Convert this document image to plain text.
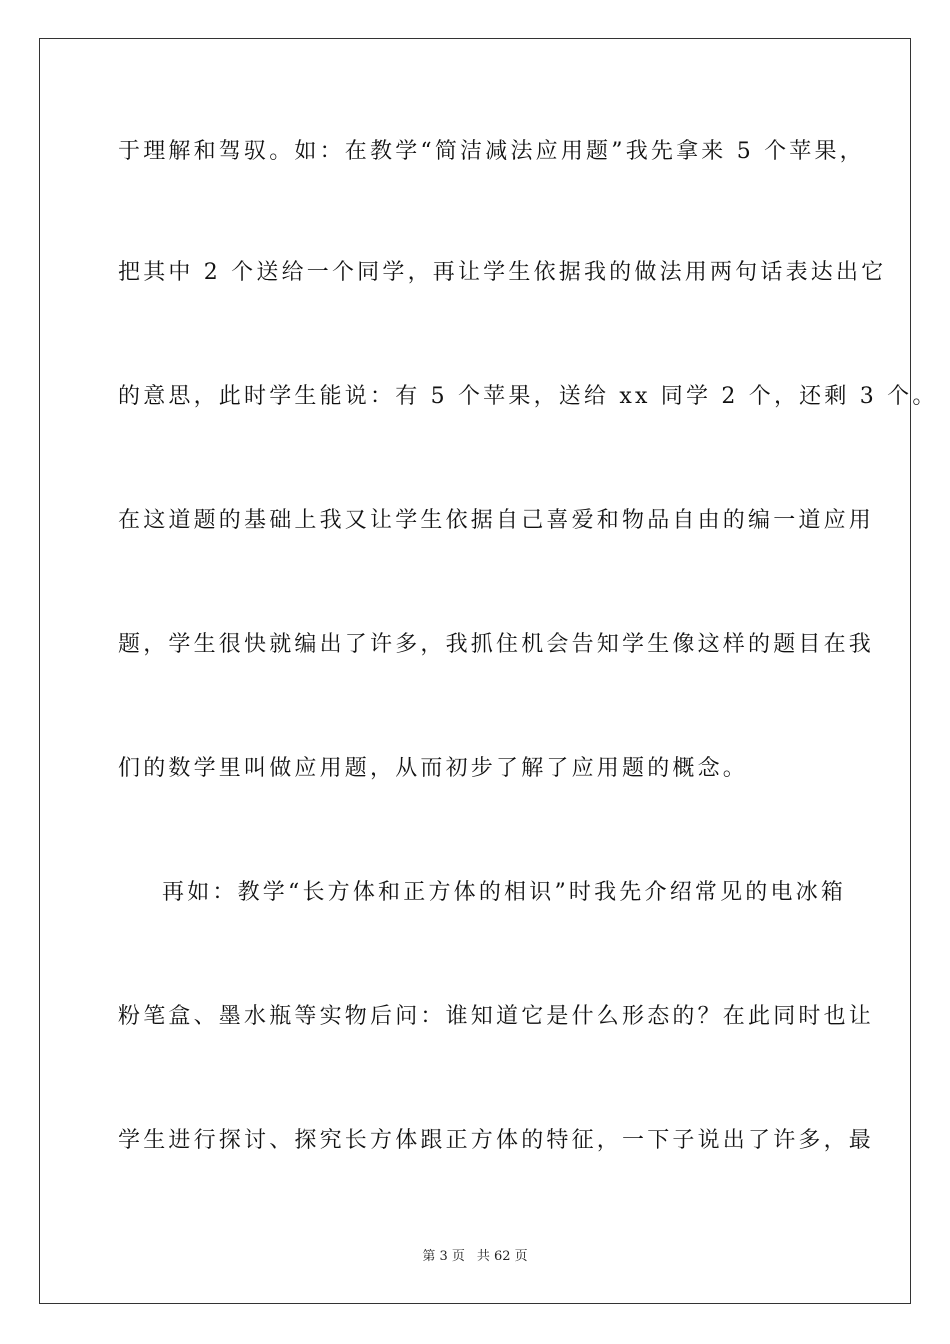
于理解和驾驭。如：在教学“简洁减法应用题”我先拿来 5 个苹果，
把其中 2 个送给一个同学，再让学生依据我的做法用两句话表达出它
的意思，此时学生能说：有 5 个苹果，送给 xx 同学 2 个，还剩 3 个。
在这道题的基础上我又让学生依据自己喜爱和物品自由的编一道应用
题，学生很快就编出了许多，我抓住机会告知学生像这样的题目在我
们的数学里叫做应用题，从而初步了解了应用题的概念。
再如：教学“长方体和正方体的相识”时我先介绍常见的电冰箱
粉笔盒、墨水瓶等实物后问：谁知道它是什么形态的？在此同时也让
学生进行探讨、探究长方体跟正方体的特征，一下子说出了许多，最
第 3 页 共 62 页
